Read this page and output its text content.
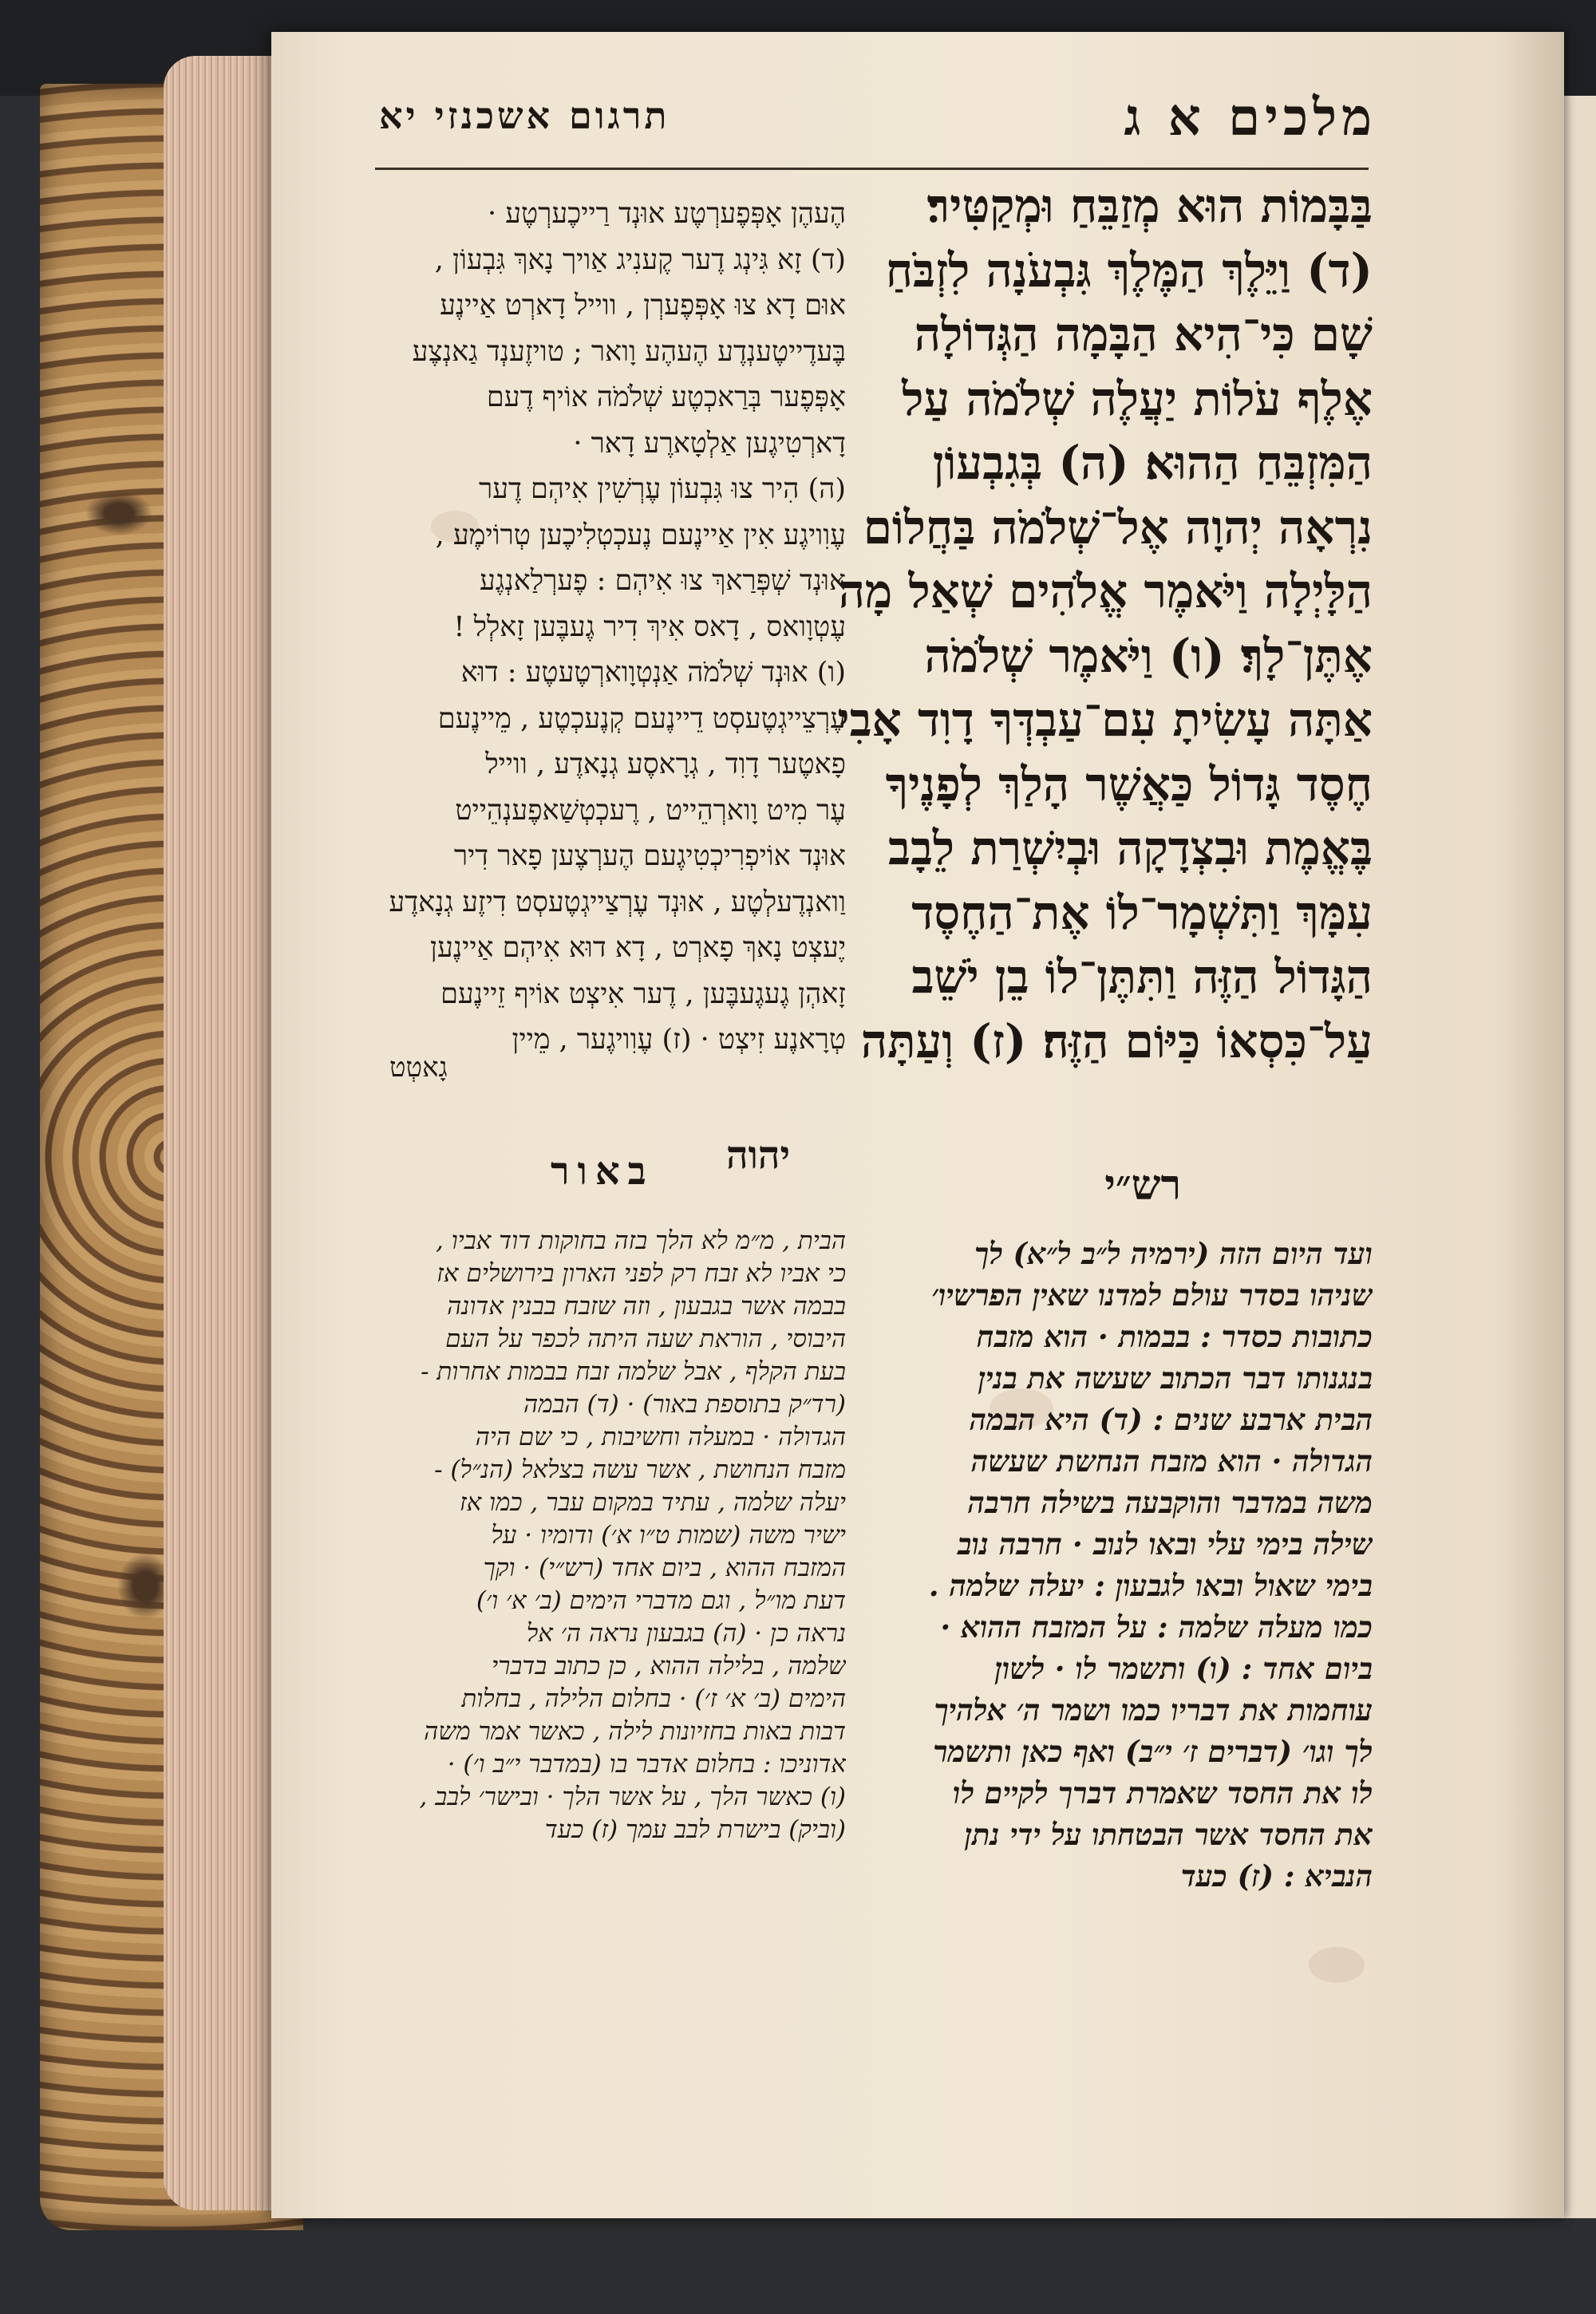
מלכים א ג
תרגום אשכנזי יא
בַּבָּמוֹת הוּא מְזַבֵּחַ וּמְקַטִּיר׃
(ד) וַיֵּלֶךְ הַמֶּלֶךְ גִּבְעֹנָה לִזְבֹּחַ
שָׁם כִּי־הִיא הַבָּמָה הַגְּדוֹלָה
אֶלֶף עֹלוֹת יַעֲלֶה שְׁלֹמֹה עַל
הַמִּזְבֵּחַ הַהוּא׃ (ה) בְּגִבְעוֹן
נִרְאָה יְהוָה אֶל־שְׁלֹמֹה בַּחֲלוֹם
הַלָּיְלָה וַיֹּאמֶר אֱלֹהִים שְׁאַל מָה
אֶתֶּן־לָךְ׃ (ו) וַיֹּאמֶר שְׁלֹמֹה
אַתָּה עָשִׂיתָ עִם־עַבְדְּךָ דָוִד אָבִי
חֶסֶד גָּדוֹל כַּאֲשֶׁר הָלַךְ לְפָנֶיךָ
בֶּאֱמֶת וּבִצְדָקָה וּבְיִשְׁרַת לֵבָב
עִמָּךְ וַתִּשְׁמָר־לוֹ אֶת־הַחֶסֶד
הַגָּדוֹל הַזֶּה וַתִּתֶּן־לוֹ בֵן יֹשֵׁב
עַל־כִּסְאוֹ כַּיּוֹם הַזֶּה׃ (ז) וְעַתָּה
הֶעהֶן אָפְּפֶערְטֶע אוּנְד רַייכֶערְטֶע ·
(ד) זָא גִּינְג דֶער קֶענִיג אַויך נָאךְ גִּבְעוֹן ,
אוּם דָא צוּ אָפְּפֶערְן , ווייל דָארְט אַיינֶע
בֶּעדֶייטֶענְדֶע הֶעהֶע וָואר ; טויזֶענְד גַאנְצֶע
אָפְּפֶער בְּרַאכְטֶע שְׁלֹמֹה אוֹיף דֶעם
דָארְטִיגֶען אַלְטָארֶע דָאר ·
(ה) הִיר צוּ גִּבְעוֹן עֶרְשִׁין אִיהְם דֶער
עֶוִויגֶע אִין אַיינֶעם נֶעכְטְלִיכֶען טְרוֹימֶע ,
אוּנְד שְׁפְּרַאךְ צוּ אִיהְם : פֶערְלַאנְגֶע
עֶטְוָואס , דָאס אִיךְ דִיר גֶעבֶּען זָאלְל !
(ו) אוּנְד שְׁלֹמֹה אַנְטְוָוארְטֶעטֶע : דוּא
עֶרְצֵייגְטֶעסְט דֵיינֶעם קְנֶעכְטֶע , מֵיינֶעם
פָאטֶער דָוִד , גְרָאסֶע גְנָאדֶע , ווייל
עֶר מִיט וָוארְהֵייט , רֶעכְטְשַׁאפֶענְהֵייט
אוּנְד אוֹיפְרִיכְטִיגֶעם הֶערְצֶען פָאר דִיר
וַואנְדֶעלְטֶע , אוּנְד עֶרְצַייגְטֶעסְט דִיזֶע גְנָאדֶע
יֶעצְט נָאךְ פָארְט , דָא דוּא אִיהְם אַיינֶען
זָאהְן גֶעגֶעבֶּען , דֶער אִיצְט אוֹיף זֵיינֶעם
טְרָאנֶע זִיצְט · (ז) עֶוִויגֶער , מֵיין
גָאטְט
יהוה
באור	רש״י
ועד היום הזה (ירמיה ל״ב ל״א) לך
שניהו בסדר עולם למדנו שאין הפרשיו׳
כתובות כסדר : בבמות · הוא מזבח
בנגנותו דבר הכתוב שעשה את בנין
הבית ארבע שנים : (ד) היא הבמה
הגדולה · הוא מזבח הנחשת שעשה
משה במדבר והוקבעה בשילה חרבה
שילה בימי עלי ובאו לנוב · חרבה נוב
בימי שאול ובאו לגבעון : יעלה שלמה .
כמו מעלה שלמה : על המזבח ההוא ·
ביום אחד : (ו) ותשמר לו · לשון
עוחמות את דבריו כמו ושמר ה׳ אלהיך
לך וגו׳ (דברים ז׳ י״ב) ואף כאן ותשמר
לו את החסד שאמרת דברך לקיים לו
את החסד אשר הבטחתו על ידי נתן
הנביא : (ז) כעד
הבית , מ״מ לא הלך בזה בחוקות דוד אביו ,
כי אביו לא זבח רק לפני הארון בירושלים אז
בבמה אשר בגבעון , וזה שזבח בבנין אדונה
היבוסי , הוראת שעה היתה לכפר על העם
בעת הקלף , אבל שלמה זבח בבמות אחרות -
(רד״ק בתוספת באור) · (ד) הבמה
הגדולה · במעלה וחשיבות , כי שם היה
מזבח הנחושת , אשר עשה בצלאל (הנ״ל) -
יעלה שלמה , עתיד במקום עבר , כמו אז
ישיר משה (שמות ט״ו א׳) ודומיו · על
המזבח ההוא , ביום אחד (רש״י) · וקך
דעת מו״ל , וגם מדברי הימים (ב׳ א׳ ו׳)
נראה כן · (ה) בגבעון נראה ה׳ אל
שלמה , בלילה ההוא , כן כתוב בדברי
הימים (ב׳ א׳ ז׳) · בחלום הלילה , בחלות
דבות באות בחזיונות לילה , כאשר אמר משה
אדוניכו : בחלום אדבר בו (במדבר י״ב ו׳) ·
(ו) כאשר הלך , על אשר הלך · ובישר׳ לבב ,
(וביק) בישרת לבב עמך (ז) כעד
